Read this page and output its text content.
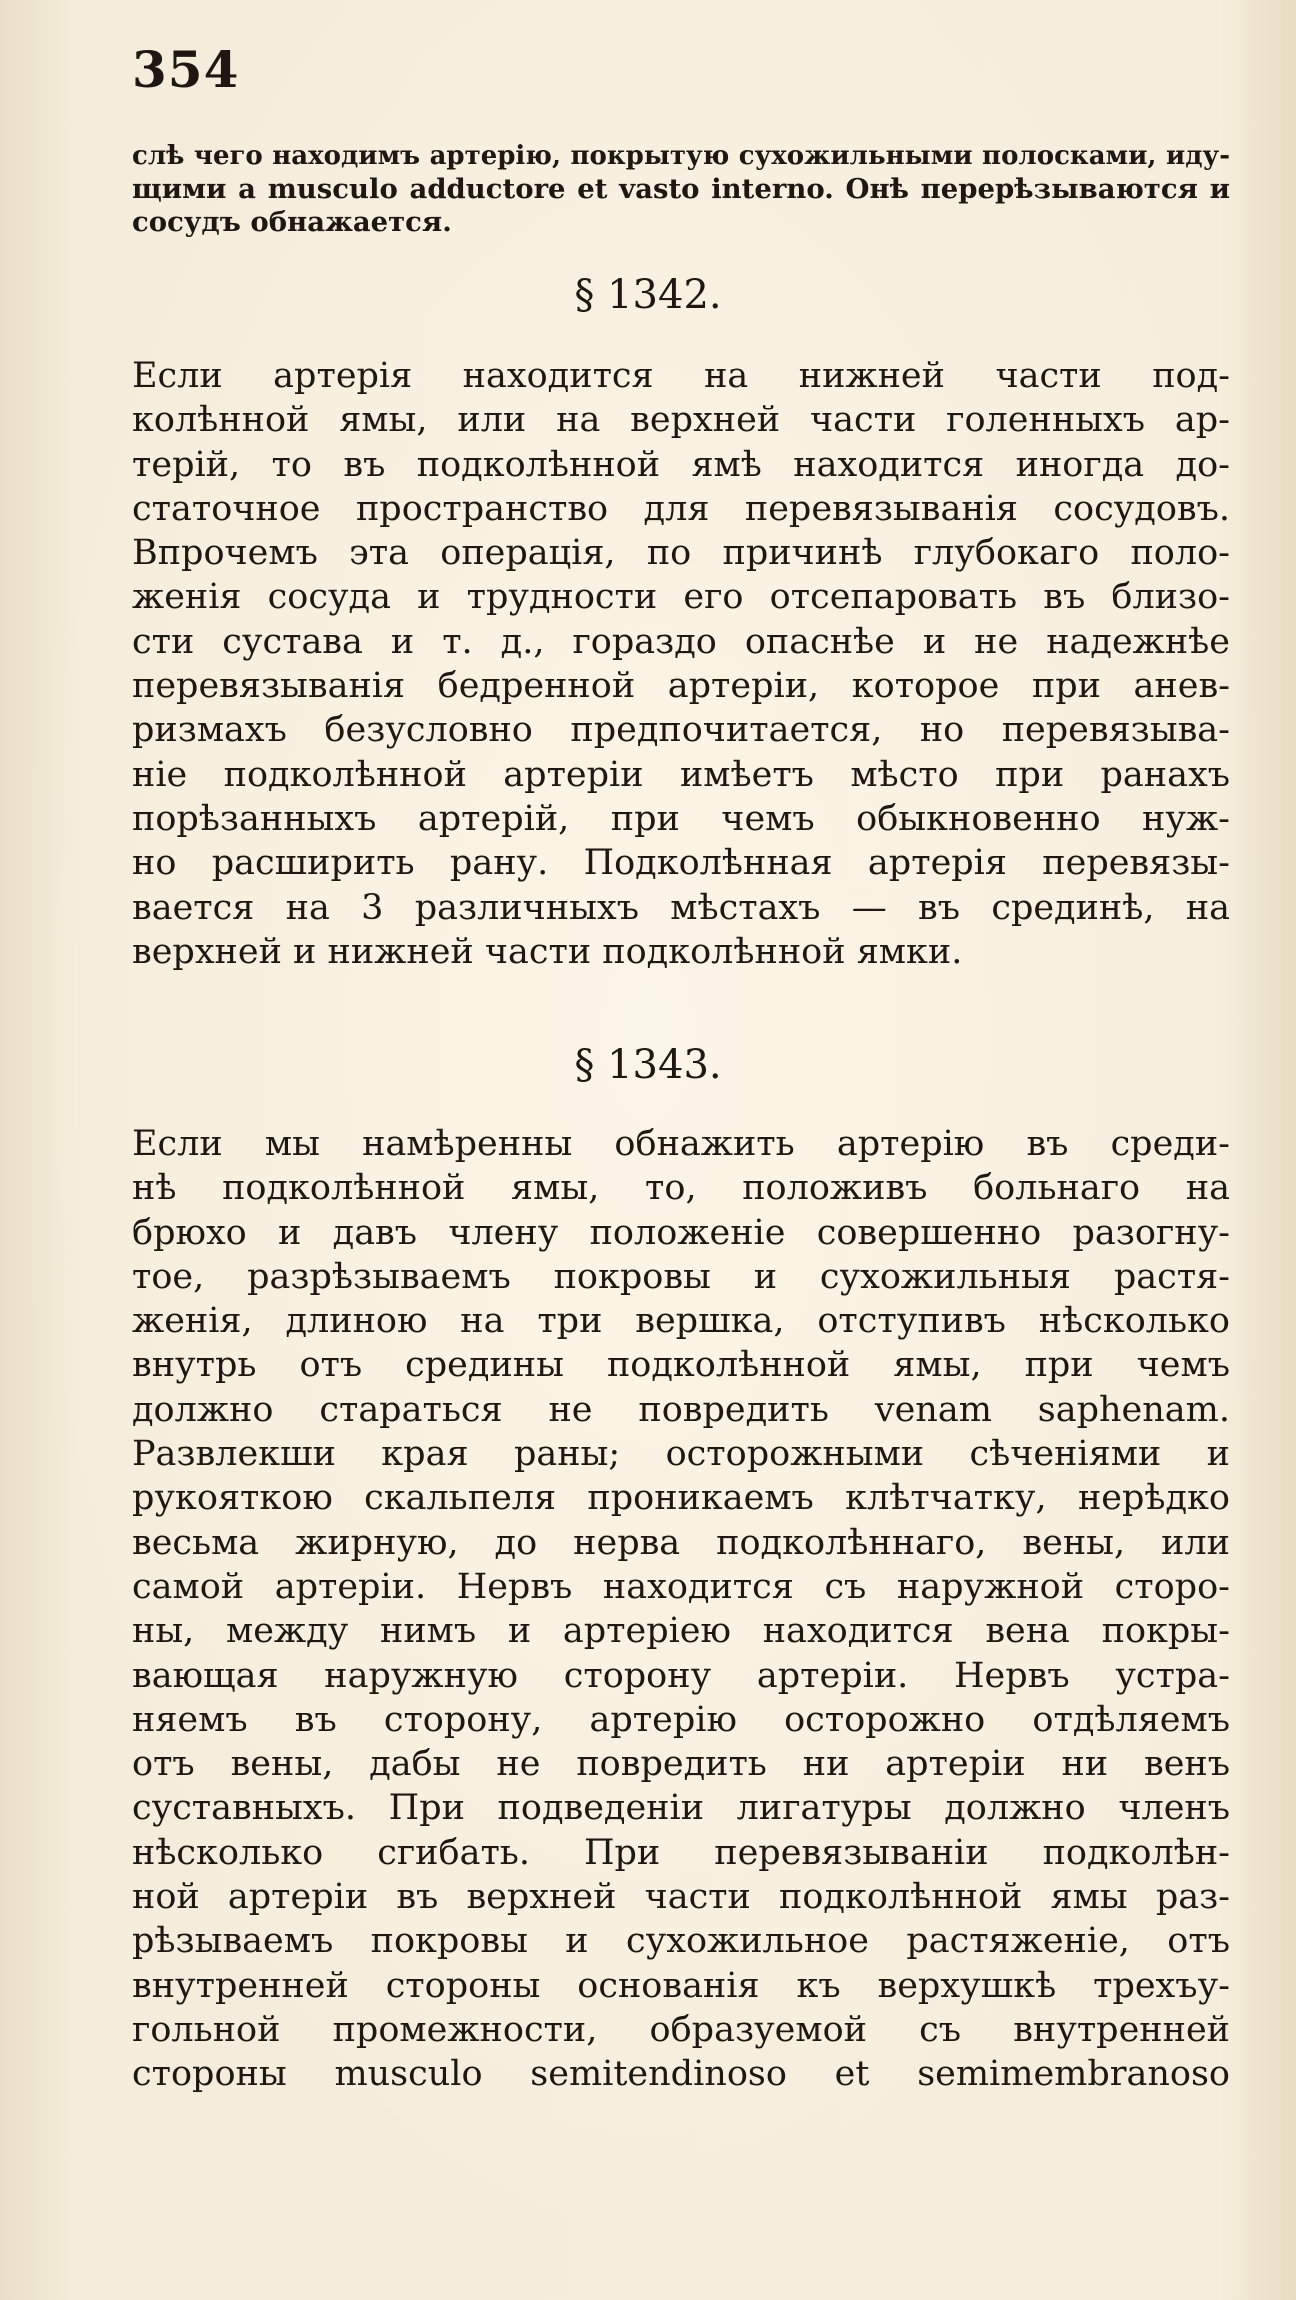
354
слѣ чего находимъ артерію, покрытую сухожильными полосками, иду-
щими а musculo adductore et vasto interno. Онѣ перерѣзываются и
сосудъ обнажается.
§ 1342.
Если артерія находится на нижней части под-
колѣнной ямы, или на верхней части голенныхъ ар-
терій, то въ подколѣнной ямѣ находится иногда до-
статочное пространство для перевязыванія сосудовъ.
Впрочемъ эта операція, по причинѣ глубокаго поло-
женія сосуда и трудности его отсепаровать въ близо-
сти сустава и т. д., гораздо опаснѣе и не надежнѣе
перевязыванія бедренной артеріи, которое при анев-
ризмахъ безусловно предпочитается, но перевязыва-
ніе подколѣнной артеріи имѣетъ мѣсто при ранахъ
порѣзанныхъ артерій, при чемъ обыкновенно нуж-
но расширить рану. Подколѣнная артерія перевязы-
вается на 3 различныхъ мѣстахъ — въ срединѣ, на
верхней и нижней части подколѣнной ямки.
§ 1343.
Если мы намѣренны обнажить артерію въ среди-
нѣ подколѣнной ямы, то, положивъ больнаго на
брюхо и давъ члену положеніе совершенно разогну-
тое, разрѣзываемъ покровы и сухожильныя растя-
женія, длиною на три вершка, отступивъ нѣсколько
внутрь отъ средины подколѣнной ямы, при чемъ
должно стараться не повредить venam saphenam.
Развлекши края раны; осторожными сѣченіями и
рукояткою скальпеля проникаемъ клѣтчатку, нерѣдко
весьма жирную, до нерва подколѣннаго, вены, или
самой артеріи. Нервъ находится съ наружной сторо-
ны, между нимъ и артеріею находится вена покры-
вающая наружную сторону артеріи. Нервъ устра-
няемъ въ сторону, артерію осторожно отдѣляемъ
отъ вены, дабы не повредить ни артеріи ни венъ
суставныхъ. При подведеніи лигатуры должно членъ
нѣсколько сгибать. При перевязываніи подколѣн-
ной артеріи въ верхней части подколѣнной ямы раз-
рѣзываемъ покровы и сухожильное растяженіе, отъ
внутренней стороны основанія къ верхушкѣ трехъу-
гольной промежности, образуемой съ внутренней
стороны musculo semitendinoso et semimembranoso
